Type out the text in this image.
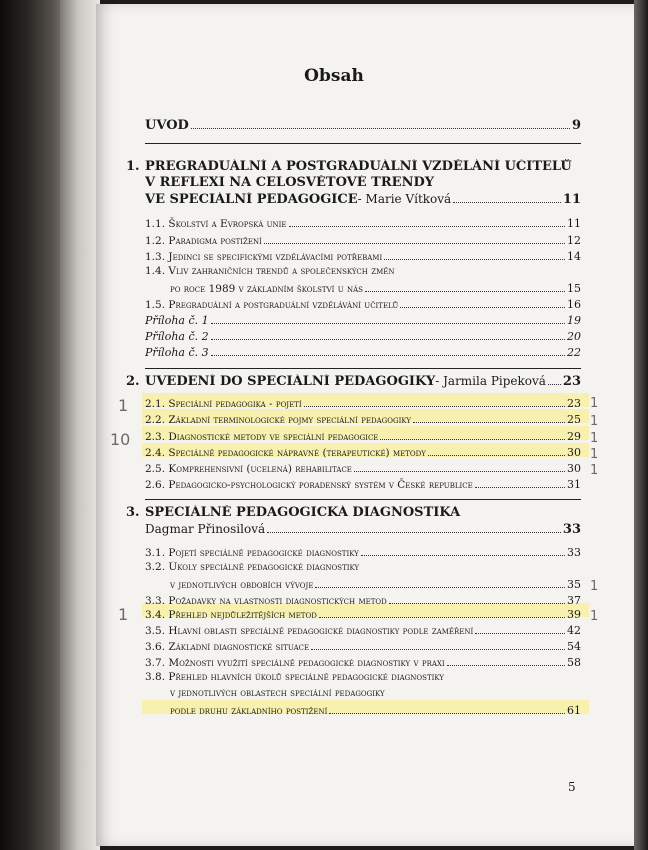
Obsah
ÚVOD	9
1. PREGRADUÁLNÍ A POSTGRADUÁLNÍ VZDĚLÁNÍ UČITELŮ
V REFLEXI NA CELOSVĚTOVÉ TRENDY
VE SPECIÁLNÍ PEDAGOGICE - Marie Vítková	11
1.1. Školství a Evropská unie	11
1.2. Paradigma postižení	12
1.3. Jedinci se specifickými vzdělávacími potřebami	14
1.4. Vliv zahraničních trendů a společenských změn
po roce 1989 v základním školství u nás	15
1.5. Pregraduální a postgraduální vzdělávání učitelů	16
Příloha č. 1	19
Příloha č. 2	20
Příloha č. 3	22
2. UVEDENÍ DO SPECIÁLNÍ PEDAGOGIKY - Jarmila Pipeková 23
2.1. Speciální pedagogika - pojetí	23
2.2. Základní terminologické pojmy speciální pedagogiky	25
2.3. Diagnostické metody ve speciální pedagogice	29
2.4. Speciálně pedagogické nápravné (terapeutické) metody	30
2.5. Komprehensivní (ucelená) rehabilitace	30
2.6. Pedagogicko-psychologický poradenský systém v České republice	31
3. SPECIÁLNĚ PEDAGOGICKÁ DIAGNOSTIKA
Dagmar Přinosilová	33
3.1. Pojetí speciálně pedagogické diagnostiky	33
3.2. Úkoly speciálně pedagogické diagnostiky
v jednotlivých obdobích vývoje	35
3.3. Požadavky na vlastnosti diagnostických metod	37
3.4. Přehled nejdůležitějších metod	39
3.5. Hlavní oblasti speciálně pedagogické diagnostiky podle zaměření	42
3.6. Základní diagnostické situace	54
3.7. Možnosti využití speciálně pedagogické diagnostiky v praxi	58
3.8. Přehled hlavních úkolů speciálně pedagogické diagnostiky
v jednotlivých oblastech speciální pedagogiky
podle druhu základního postižení	61
1
10
1
1
1
1
1
1
1
1
5
